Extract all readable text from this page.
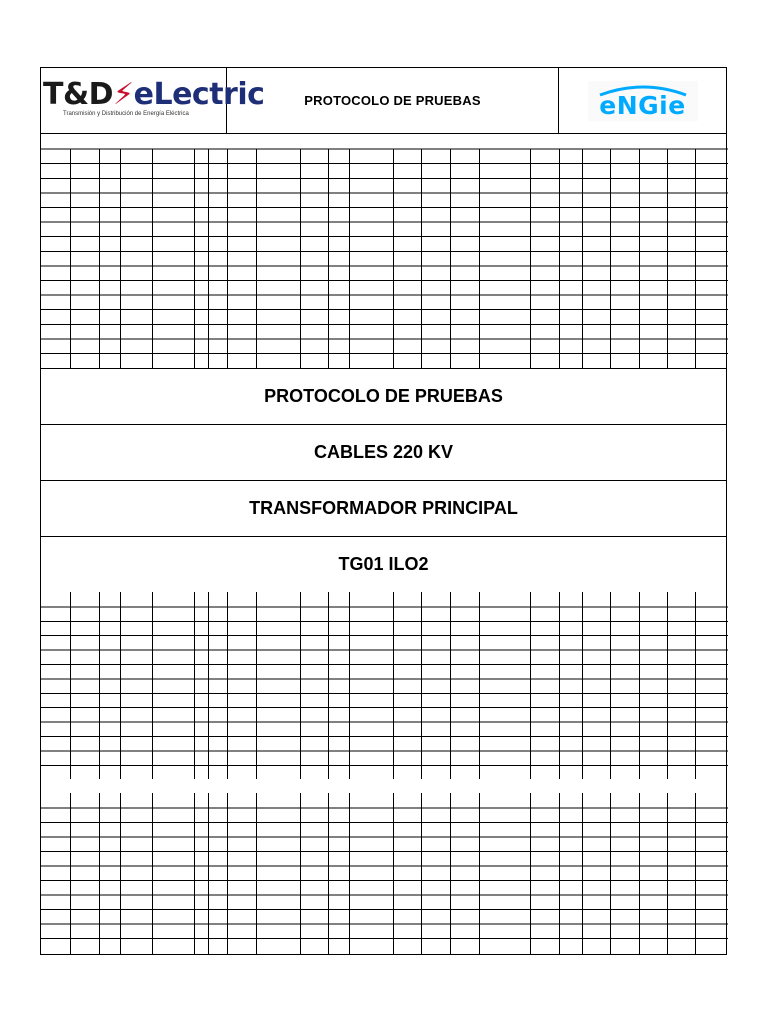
T&D⚡eLectric
Transmisión y Distribución de Energía Eléctrica
PROTOCOLO DE PRUEBAS	eNGie
PROTOCOLO DE PRUEBAS
CABLES 220 KV
TRANSFORMADOR PRINCIPAL
TG01 ILO2
